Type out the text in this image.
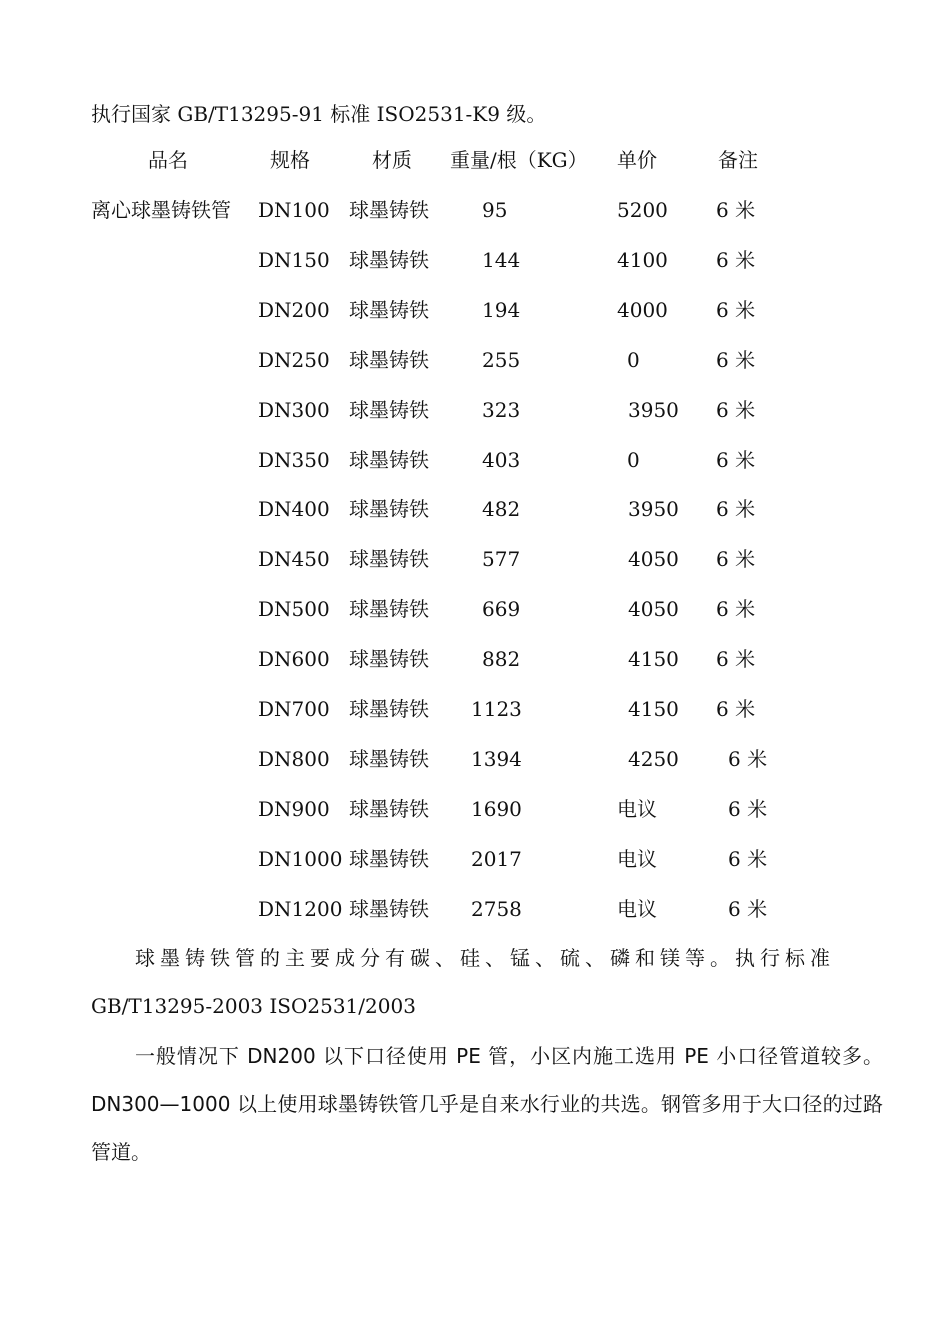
执行国家 GB/T13295-91 标准 ISO2531-K9 级。
品名	规格	材质 重量/根（KG） 单价	备注
离心球墨铸铁管 DN100 球墨铸铁	95	5200 6 米
DN150 球墨铸铁	144	4100 6 米
DN200 球墨铸铁	194	4000 6 米
DN250 球墨铸铁	255	0	6 米
DN300 球墨铸铁	323	3950 6 米
DN350 球墨铸铁	403	0	6 米
DN400 球墨铸铁	482	3950 6 米
DN450 球墨铸铁	577	4050 6 米
DN500 球墨铸铁	669	4050 6 米
DN600 球墨铸铁	882	4150 6 米
DN700 球墨铸铁 1123	4150 6 米
DN800 球墨铸铁 1394	4250 6 米
DN900 球墨铸铁 1690	电议	6 米
DN1000 球墨铸铁 2017	电议	6 米
DN1200 球墨铸铁 2758	电议	6 米
球墨铸铁管的主要成分有碳、硅、锰、硫、磷和镁等。执行标准
GB/T13295-2003 ISO2531/2003
一般情况下 DN200 以下口径使用 PE 管，小区内施工选用 PE 小口径管道较多。DN300—1000 以上使用球墨铸铁管几乎是自来水行业的共选。钢管多用于大口径的过路管道。
